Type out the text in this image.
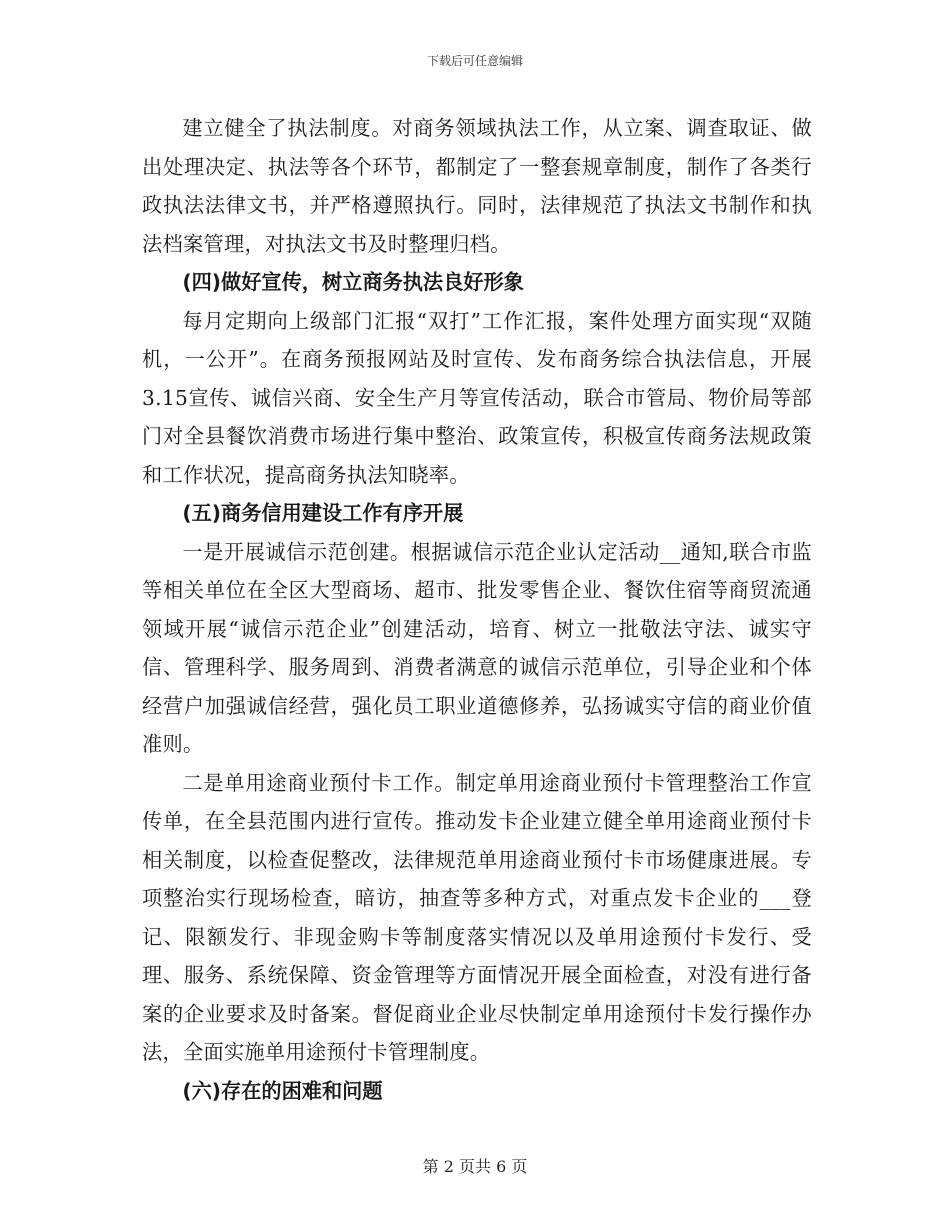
下载后可任意编辑

建立健全了执法制度。对商务领域执法工作，从立案、调查取证、做出处理决定、执法等各个环节，都制定了一整套规章制度，制作了各类行政执法法律文书，并严格遵照执行。同时，法律规范了执法文书制作和执法档案管理，对执法文书及时整理归档。

(四)做好宣传，树立商务执法良好形象

每月定期向上级部门汇报“双打”工作汇报，案件处理方面实现“双随机，一公开”。在商务预报网站及时宣传、发布商务综合执法信息，开展3.15宣传、诚信兴商、安全生产月等宣传活动，联合市管局、物价局等部门对全县餐饮消费市场进行集中整治、政策宣传，积极宣传商务法规政策和工作状况，提高商务执法知晓率。

(五)商务信用建设工作有序开展

一是开展诚信示范创建。根据诚信示范企业认定活动__通知,联合市监等相关单位在全区大型商场、超市、批发零售企业、餐饮住宿等商贸流通领域开展“诚信示范企业”创建活动，培育、树立一批敬法守法、诚实守信、管理科学、服务周到、消费者满意的诚信示范单位，引导企业和个体经营户加强诚信经营，强化员工职业道德修养，弘扬诚实守信的商业价值准则。

二是单用途商业预付卡工作。制定单用途商业预付卡管理整治工作宣传单，在全县范围内进行宣传。推动发卡企业建立健全单用途商业预付卡相关制度，以检查促整改，法律规范单用途商业预付卡市场健康进展。专项整治实行现场检查，暗访，抽查等多种方式，对重点发卡企业的___登记、限额发行、非现金购卡等制度落实情况以及单用途预付卡发行、受理、服务、系统保障、资金管理等方面情况开展全面检查，对没有进行备案的企业要求及时备案。督促商业企业尽快制定单用途预付卡发行操作办法，全面实施单用途预付卡管理制度。

(六)存在的困难和问题

第 2 页共 6 页
